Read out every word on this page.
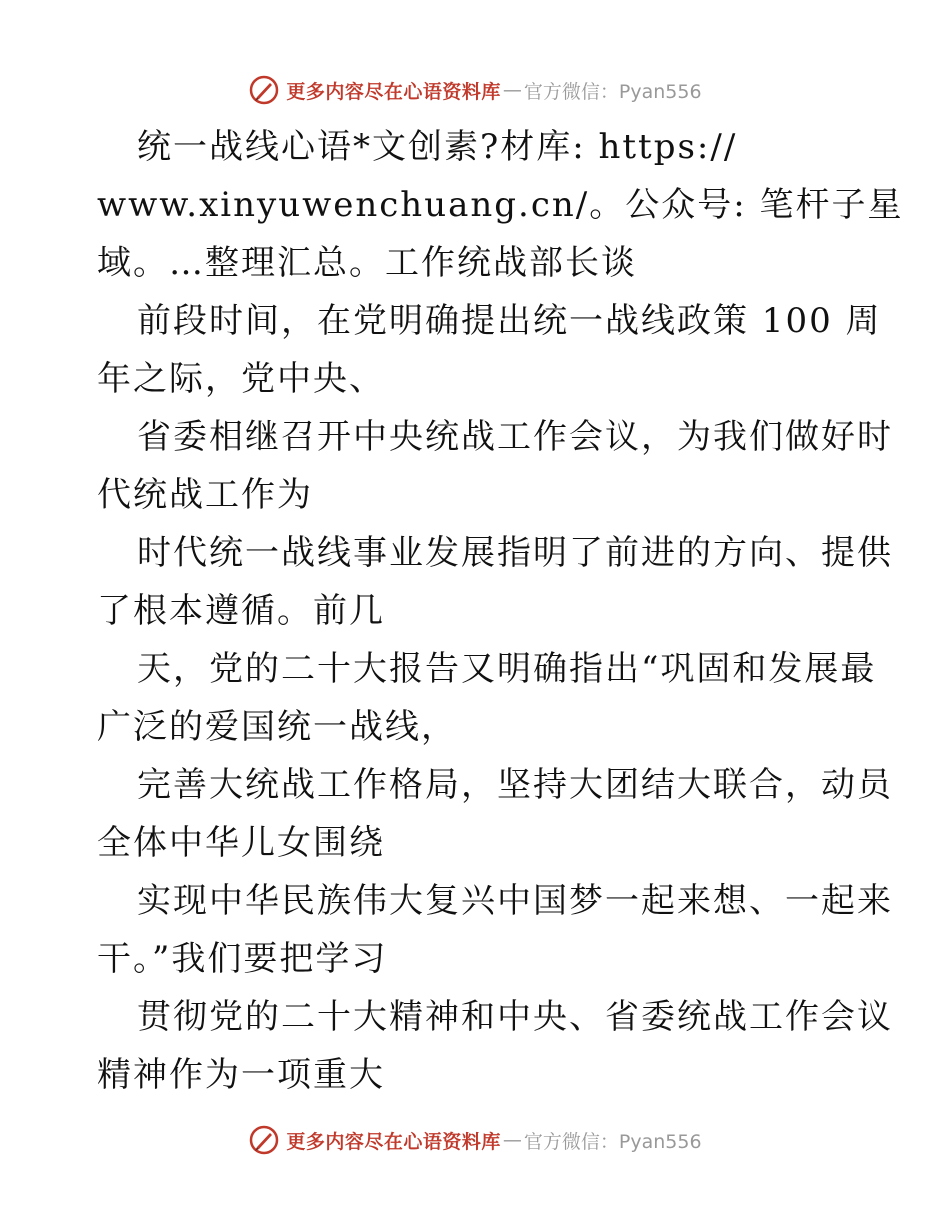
更多内容尽在心语资料库 — 官方微信：Pyan556
统一战线心语*文创素?材库: https://
www.xinyuwenchuang.cn/。公众号: 笔杆子星
域。…整理汇总。工作统战部长谈
前段时间，在党明确提出统一战线政策 100 周
年之际，党中央、
省委相继召开中央统战工作会议，为我们做好时
代统战工作为
时代统一战线事业发展指明了前进的方向、提供
了根本遵循。前几
天，党的二十大报告又明确指出“巩固和发展最
广泛的爱国统一战线，
完善大统战工作格局，坚持大团结大联合，动员
全体中华儿女围绕
实现中华民族伟大复兴中国梦一起来想、一起来
干。”我们要把学习
贯彻党的二十大精神和中央、省委统战工作会议
精神作为一项重大
更多内容尽在心语资料库 — 官方微信：Pyan556
